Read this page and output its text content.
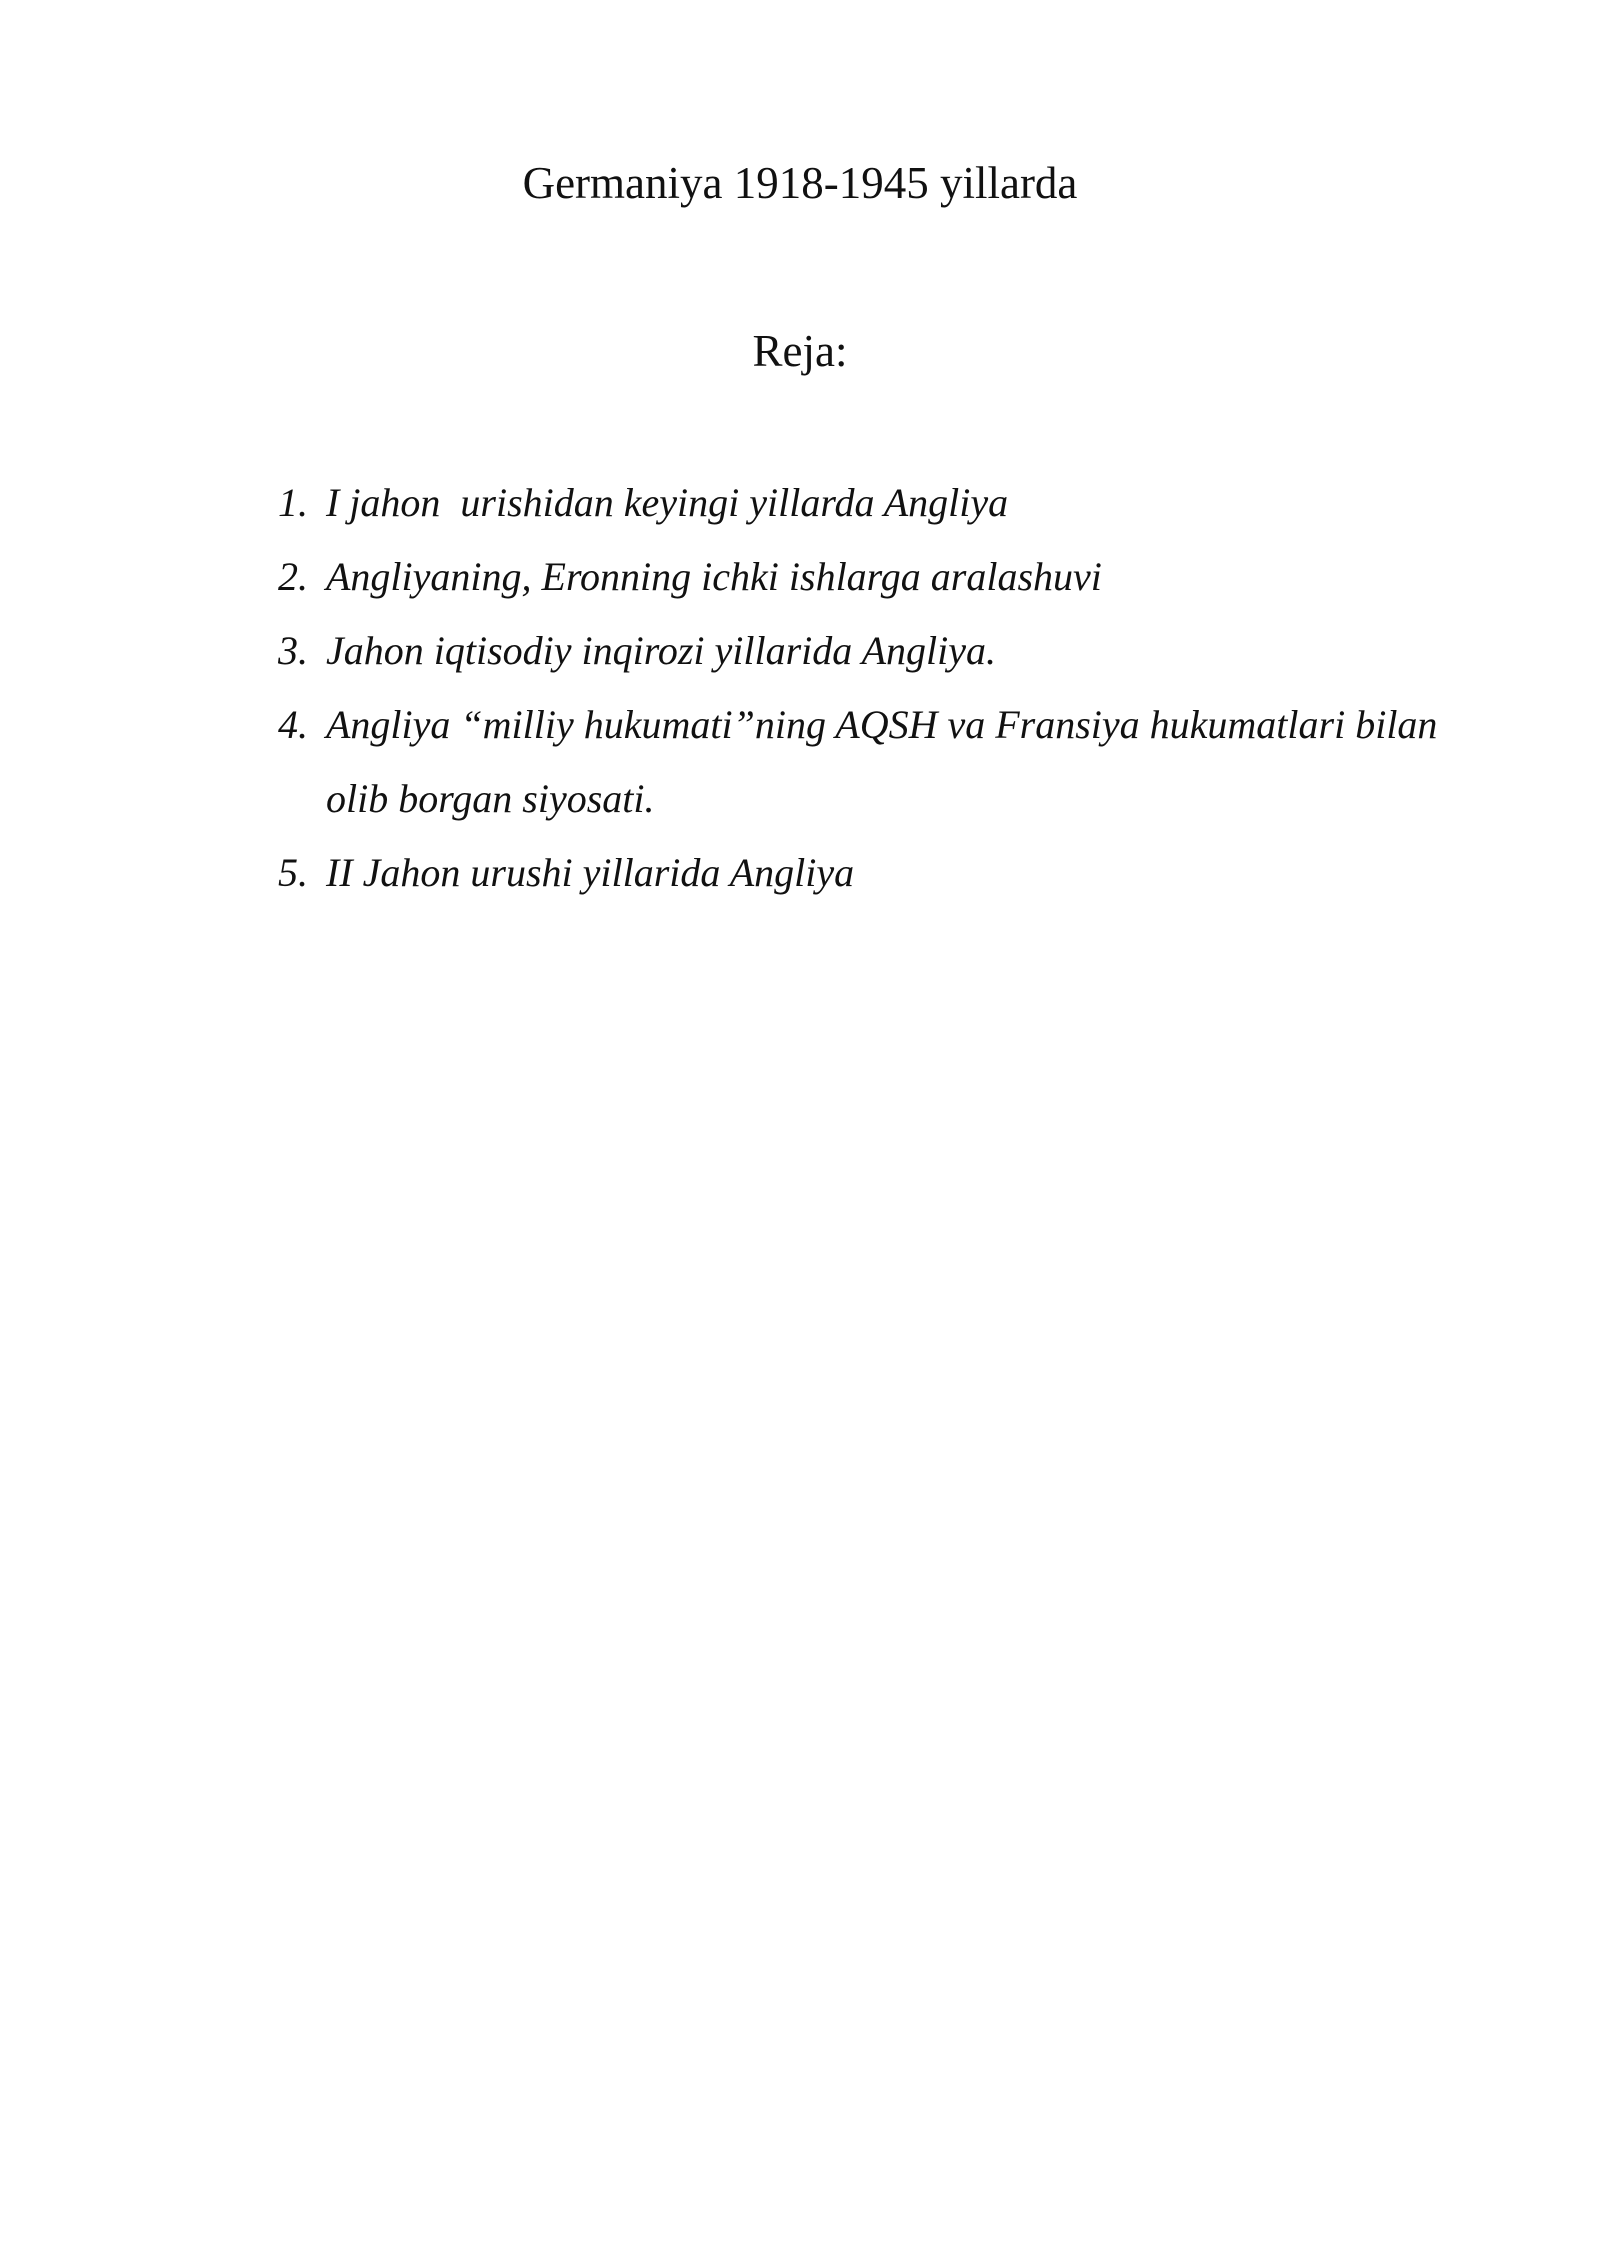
Germaniya 1918-1945 yillarda
Reja:
1. I jahon  urishidan keyingi yillarda Angliya
2. Angliyaning, Eronning ichki ishlarga aralashuvi
3. Jahon iqtisodiy inqirozi yillarida Angliya.
4. Angliya “milliy hukumati”ning AQSH va Fransiya hukumatlari bilan olib borgan siyosati.
5. II Jahon urushi yillarida Angliya
